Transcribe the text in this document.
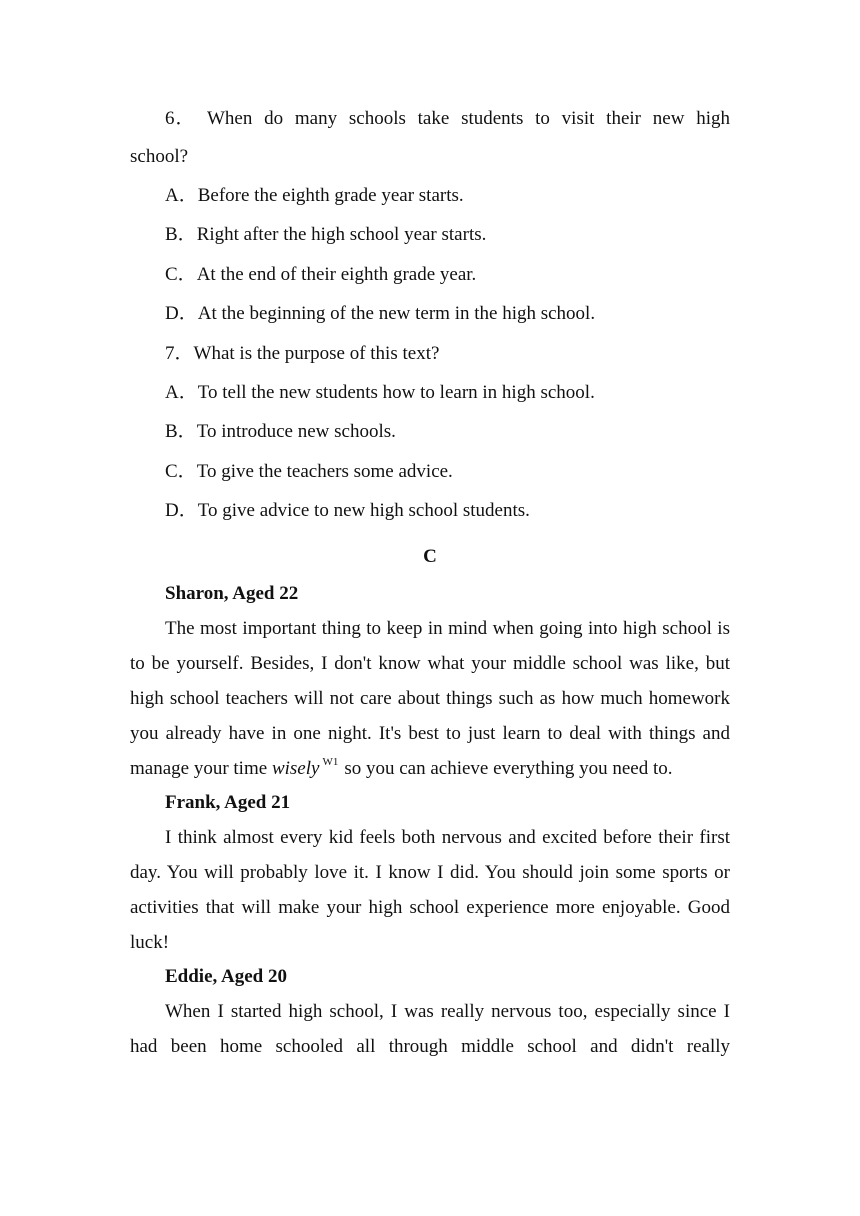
6． When do many schools take students to visit their new high school?

A．Before the eighth grade year starts.

B．Right after the high school year starts.

C．At the end of their eighth grade year.

D．At the beginning of the new term in the high school.

7．What is the purpose of this text?

A．To tell the new students how to learn in high school.

B．To introduce new schools.

C．To give the teachers some advice.

D．To give advice to new high school students.

C

Sharon, Aged 22

The most important thing to keep in mind when going into high school is to be yourself. Besides, I don't know what your middle school was like, but high school teachers will not care about things such as how much homework you already have in one night. It's best to just learn to deal with things and manage your time wisely $^{W1}$ so you can achieve everything you need to.

Frank, Aged 21

I think almost every kid feels both nervous and excited before their first day. You will probably love it. I know I did. You should join some sports or activities that will make your high school experience more enjoyable. Good luck!

Eddie, Aged 20

When I started high school, I was really nervous too, especially since I had been home schooled all through middle school and didn't really
